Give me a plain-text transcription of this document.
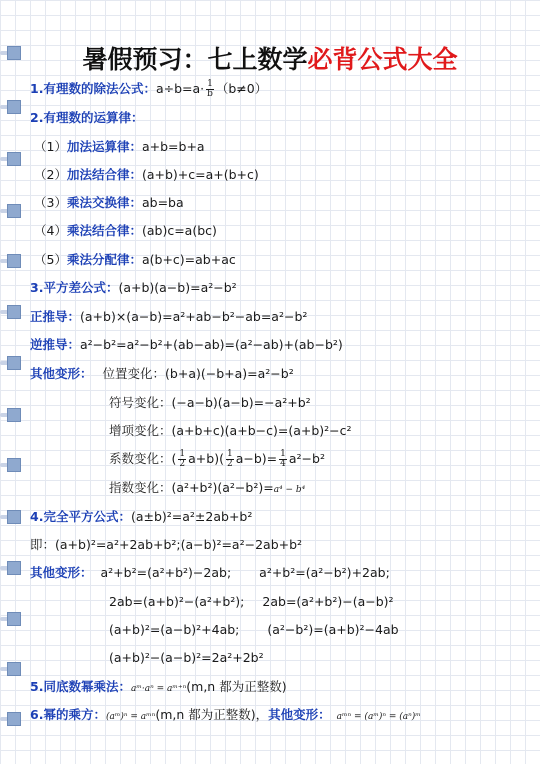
暑假预习：七上数学必背公式大全
1.有理数的除法公式：$a\div b=a\cdot \frac{1}{b} (b\ne 0)$
2.有理数的运算律：
（1）加法运算律：a+b=b+a
（2）加法结合律：(a+b)+c=a+(b+c)
（3）乘法交换律：ab=ba
（4）乘法结合律：(ab)c=a(bc)
（5）乘法分配律：a(b+c)=ab+ac
3.平方差公式：(a+b)(a−b)=a²−b²
正推导：(a+b)×(a−b)=a²+ab−b²−ab=a²−b²
逆推导：a²−b²=a²−b²+(ab−ab)=(a²−ab)+(ab−b²)
其他变形： 位置变化：(b+a)(−b+a)=a²−b²
符号变化：(−a−b)(a−b)=−a²+b²
增项变化：(a+b+c)(a+b−c)=(a+b)²−c²
系数变化：( $\frac{1}{2} a+b)( \frac{1}{2} a-b)= \frac{1}{4} a^2-b^2$
指数变化：(a²+b²)(a²−b²)=a⁴ − b⁴
4.完全平方公式：(a±b)²=a²±2ab+b²
即：(a+b)²=a²+2ab+b²;(a−b)²=a²−2ab+b²
其他变形： a²+b²=(a²+b²)−2ab; a²+b²=(a²−b²)+2ab;
2ab=(a+b)²−(a²+b²); 2ab=(a²+b²)−(a−b)²
(a+b)²=(a−b)²+4ab; (a²−b²)=(a+b)²−4ab
(a+b)²−(a−b)²=2a²+2b²
5.同底数幂乘法：aᵐ·aⁿ = aᵐ⁺ⁿ(m,n 都为正整数)
6.幂的乘方：(aᵐ)ⁿ = aᵐⁿ(m,n 都为正整数)，其他变形： aᵐⁿ = (aᵐ)ⁿ = (aⁿ)ᵐ
